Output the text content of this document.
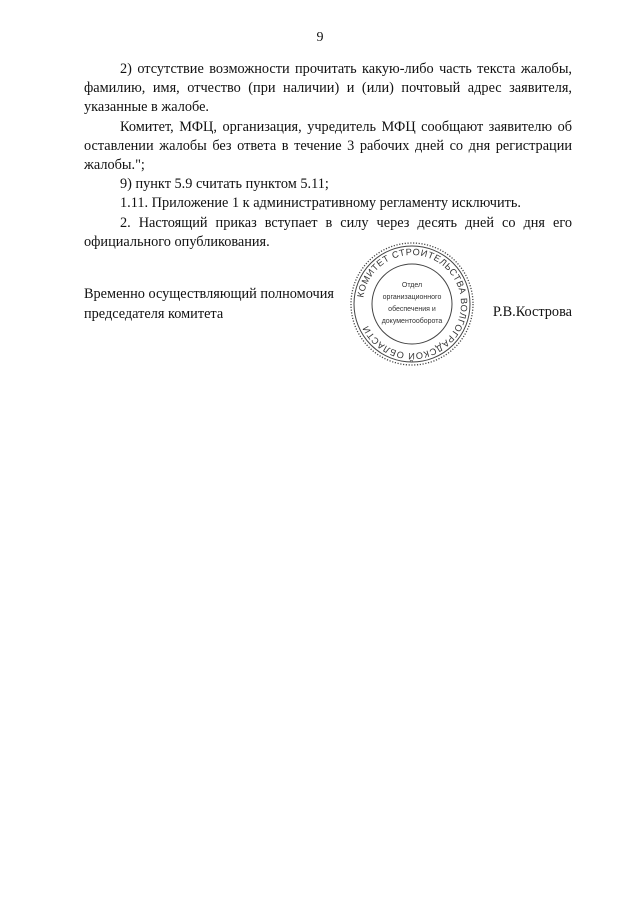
9

2) отсутствие возможности прочитать какую-либо часть текста жалобы, фамилию, имя, отчество (при наличии) и (или) почтовый адрес заявителя, указанные в жалобе.

Комитет, МФЦ, организация, учредитель МФЦ сообщают заявителю об оставлении жалобы без ответа в течение 3 рабочих дней со дня регистрации жалобы.";

9) пункт 5.9 считать пунктом 5.11;

1.11. Приложение 1 к административному регламенту исключить.

2. Настоящий приказ вступает в силу через десять дней со дня его официального опубликования.

Временно осуществляющий полномочия
председателя комитета
КОМИТЕТ СТРОИТЕЛЬСТВА ВОЛГОГРАДСКОЙ ОБЛАСТИ
Отдел
организационного
обеспечения и
документооборота
Р.В.Кострова
